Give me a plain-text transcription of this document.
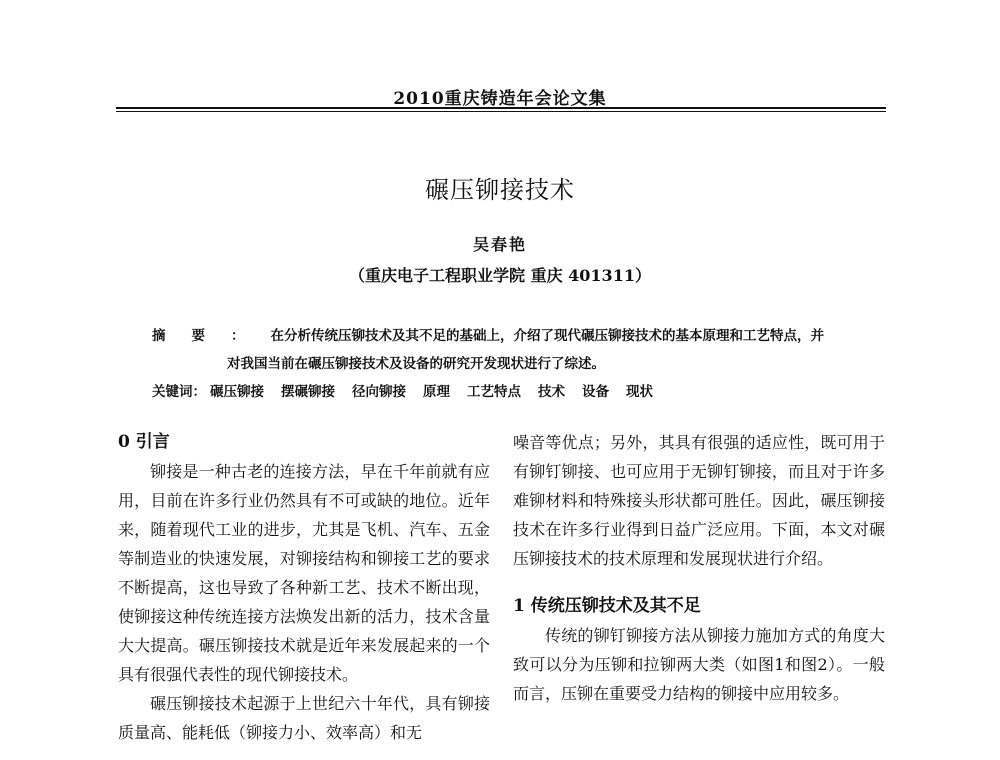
2010重庆铸造年会论文集
碾压铆接技术
吴春艳
（重庆电子工程职业学院 重庆 401311）
摘要：在分析传统压铆技术及其不足的基础上，介绍了现代碾压铆接技术的基本原理和工艺特点，并
对我国当前在碾压铆接技术及设备的研究开发现状进行了综述。
关键词： 碾压铆接 摆碾铆接 径向铆接 原理 工艺特点 技术 设备 现状
0 引言

铆接是一种古老的连接方法，早在千年前就有应用，目前在许多行业仍然具有不可或缺的地位。近年来，随着现代工业的进步，尤其是飞机、汽车、五金等制造业的快速发展，对铆接结构和铆接工艺的要求不断提高，这也导致了各种新工艺、技术不断出现，使铆接这种传统连接方法焕发出新的活力，技术含量大大提高。碾压铆接技术就是近年来发展起来的一个具有很强代表性的现代铆接技术。

碾压铆接技术起源于上世纪六十年代，具有铆接质量高、能耗低（铆接力小、效率高）和无

噪音等优点；另外，其具有很强的适应性，既可用于有铆钉铆接、也可应用于无铆钉铆接，而且对于许多难铆材料和特殊接头形状都可胜任。因此，碾压铆接技术在许多行业得到日益广泛应用。下面，本文对碾压铆接技术的技术原理和发展现状进行介绍。

1 传统压铆技术及其不足

传统的铆钉铆接方法从铆接力施加方式的角度大致可以分为压铆和拉铆两大类（如图1和图2）。一般而言，压铆在重要受力结构的铆接中应用较多。
